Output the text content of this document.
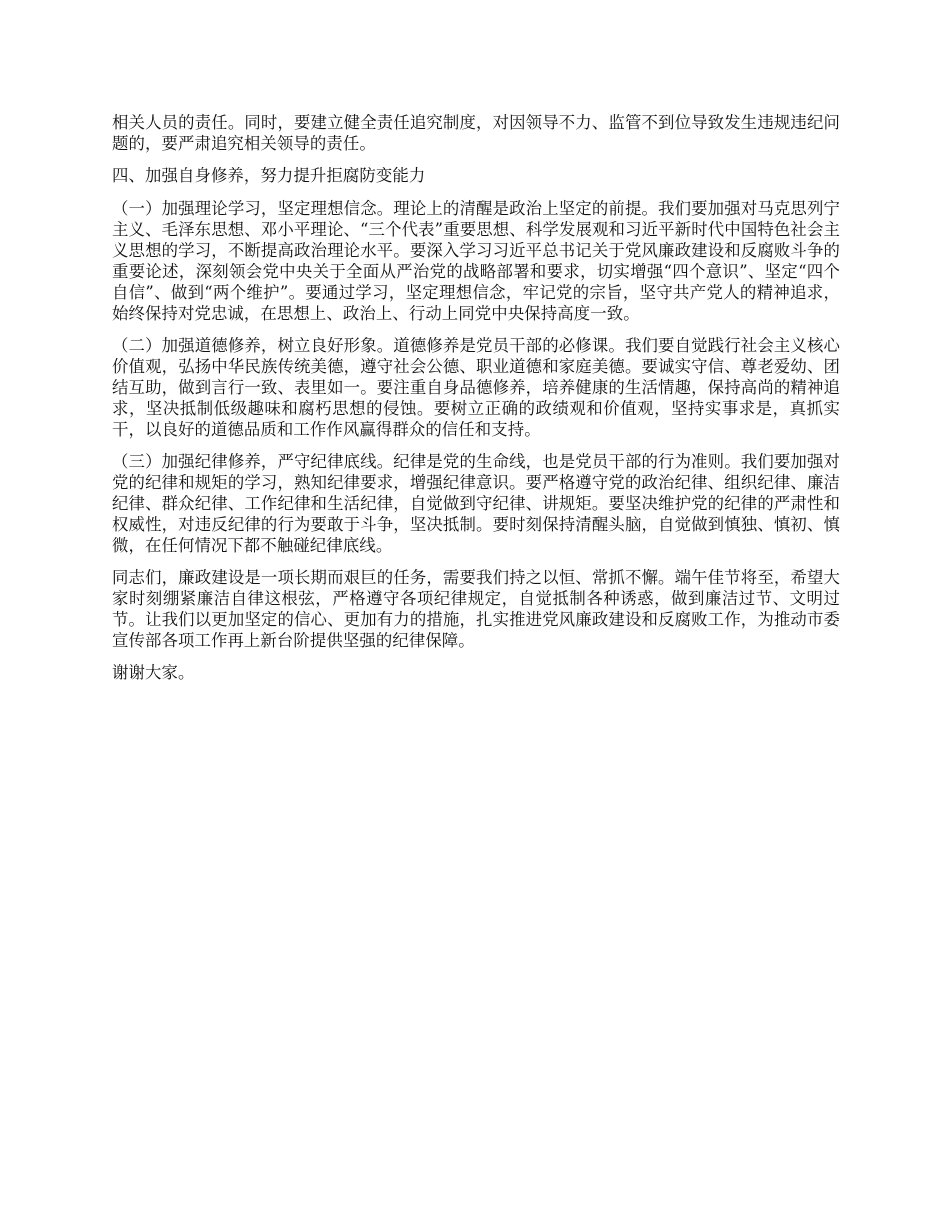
相关人员的责任。同时，要建立健全责任追究制度，对因领导不力、监管不到位导致发生违规违纪问题的，要严肃追究相关领导的责任。

四、加强自身修养，努力提升拒腐防变能力

（一）加强理论学习，坚定理想信念。理论上的清醒是政治上坚定的前提。我们要加强对马克思列宁主义、毛泽东思想、邓小平理论、“三个代表”重要思想、科学发展观和习近平新时代中国特色社会主义思想的学习，不断提高政治理论水平。要深入学习习近平总书记关于党风廉政建设和反腐败斗争的重要论述，深刻领会党中央关于全面从严治党的战略部署和要求，切实增强“四个意识”、坚定“四个自信”、做到“两个维护”。要通过学习，坚定理想信念，牢记党的宗旨，坚守共产党人的精神追求，始终保持对党忠诚，在思想上、政治上、行动上同党中央保持高度一致。

（二）加强道德修养，树立良好形象。道德修养是党员干部的必修课。我们要自觉践行社会主义核心价值观，弘扬中华民族传统美德，遵守社会公德、职业道德和家庭美德。要诚实守信、尊老爱幼、团结互助，做到言行一致、表里如一。要注重自身品德修养，培养健康的生活情趣，保持高尚的精神追求，坚决抵制低级趣味和腐朽思想的侵蚀。要树立正确的政绩观和价值观，坚持实事求是，真抓实干，以良好的道德品质和工作作风赢得群众的信任和支持。

（三）加强纪律修养，严守纪律底线。纪律是党的生命线，也是党员干部的行为准则。我们要加强对党的纪律和规矩的学习，熟知纪律要求，增强纪律意识。要严格遵守党的政治纪律、组织纪律、廉洁纪律、群众纪律、工作纪律和生活纪律，自觉做到守纪律、讲规矩。要坚决维护党的纪律的严肃性和权威性，对违反纪律的行为要敢于斗争，坚决抵制。要时刻保持清醒头脑，自觉做到慎独、慎初、慎微，在任何情况下都不触碰纪律底线。

同志们，廉政建设是一项长期而艰巨的任务，需要我们持之以恒、常抓不懈。端午佳节将至，希望大家时刻绷紧廉洁自律这根弦，严格遵守各项纪律规定，自觉抵制各种诱惑，做到廉洁过节、文明过节。让我们以更加坚定的信心、更加有力的措施，扎实推进党风廉政建设和反腐败工作，为推动市委宣传部各项工作再上新台阶提供坚强的纪律保障。

谢谢大家。
